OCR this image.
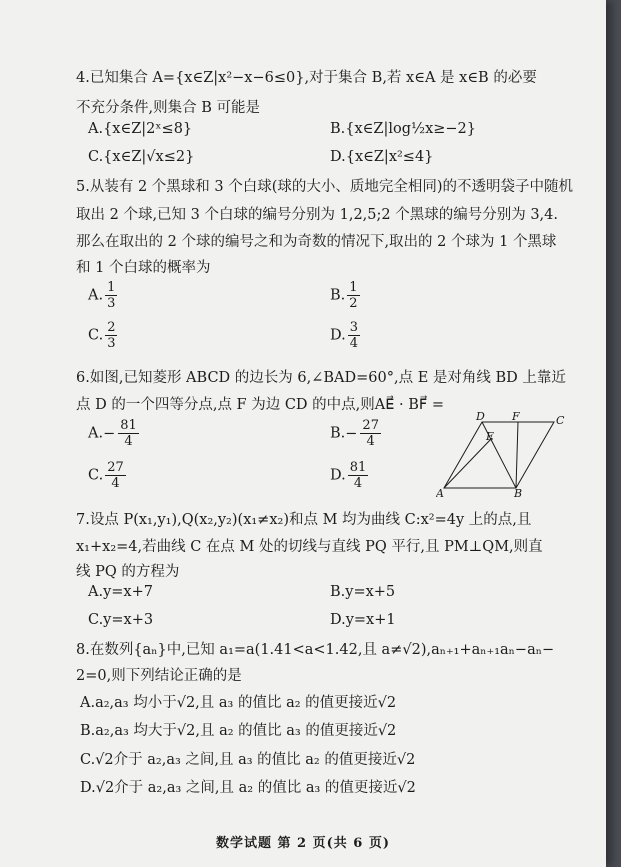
4.已知集合 A={x∈Z|x²−x−6≤0},对于集合 B,若 x∈A 是 x∈B 的必要
不充分条件,则集合 B 可能是
A.{x∈Z|2ˣ≤8}	B.{x∈Z|log½x≥−2}
C.{x∈Z|√x≤2}	D.{x∈Z|x²≤4}
5.从装有 2 个黑球和 3 个白球(球的大小、质地完全相同)的不透明袋子中随机
取出 2 个球,已知 3 个白球的编号分别为 1,2,5;2 个黑球的编号分别为 3,4.
那么在取出的 2 个球的编号之和为奇数的情况下,取出的 2 个球为 1 个黑球
和 1 个白球的概率为
A. $\frac{1}{3}$	B. $\frac{1}{2}$
C. $\frac{2}{3}$	D. $\frac{3}{4}$
6.如图,已知菱形 ABCD 的边长为 6,∠BAD=60°,点 E 是对角线 BD 上靠近
点 D 的一个四等分点,点 F 为边 CD 的中点,则AE⃗ · BF⃗ =
$A.- \frac{81}{4}$	$B.- \frac{27}{4}$
C. $\frac{27}{4}$	D. $\frac{81}{4}$
A	B
C
D
E
F
7.设点 P(x₁,y₁),Q(x₂,y₂)(x₁≠x₂)和点 M 均为曲线 C:x²=4y 上的点,且
x₁+x₂=4,若曲线 C 在点 M 处的切线与直线 PQ 平行,且 PM⊥QM,则直
线 PQ 的方程为
A.y=x+7	B.y=x+5
C.y=x+3	D.y=x+1
8.在数列{aₙ}中,已知 a₁=a(1.41<a<1.42,且 a≠√2),aₙ₊₁+aₙ₊₁aₙ−aₙ−
2=0,则下列结论正确的是
A.a₂,a₃ 均小于√2,且 a₃ 的值比 a₂ 的值更接近√2
B.a₂,a₃ 均大于√2,且 a₂ 的值比 a₃ 的值更接近√2
C.√2介于 a₂,a₃ 之间,且 a₃ 的值比 a₂ 的值更接近√2
D.√2介于 a₂,a₃ 之间,且 a₂ 的值比 a₃ 的值更接近√2
数学试题 第 2 页(共 6 页)
